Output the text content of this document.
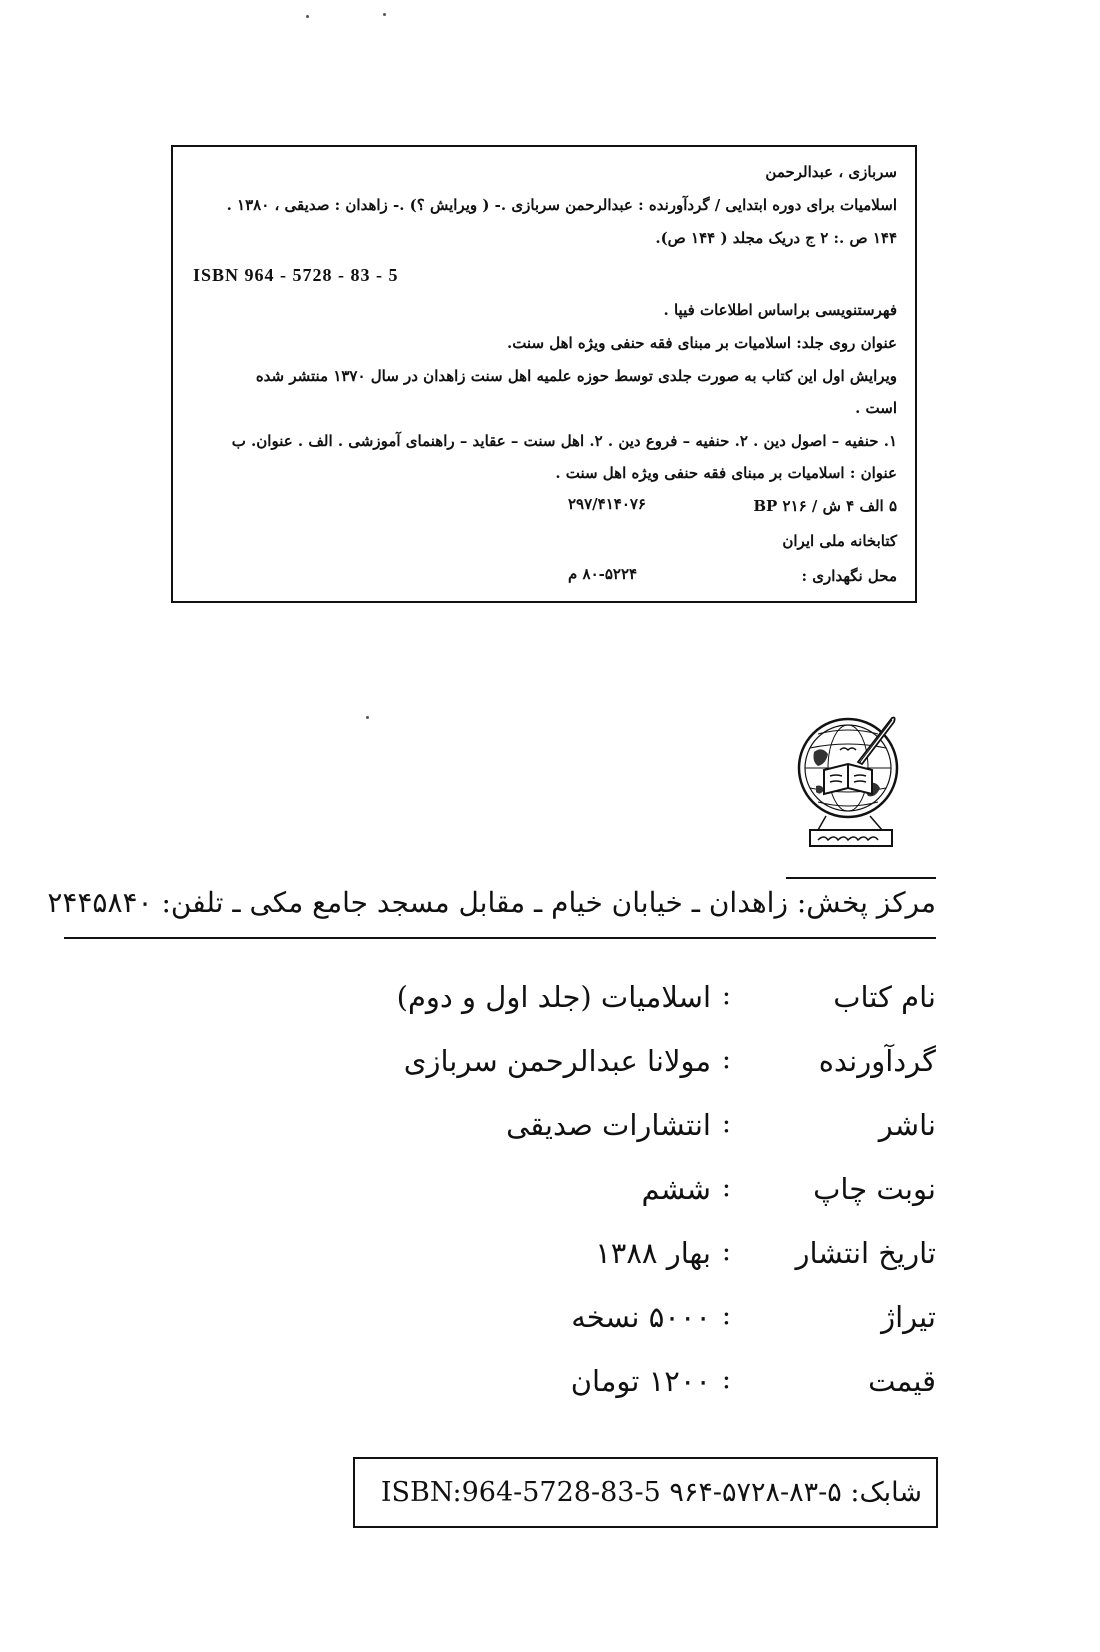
سربازی ، عبدالرحمن
اسلامیات برای دوره ابتدایی / گردآورنده : عبدالرحمن سربازی .- ( ویرایش ؟) .- زاهدان : صدیقی ، ۱۳۸۰ .
۱۴۴ ص .: ۲ ج دریک مجلد ( ۱۴۴ ص).
ISBN 964 - 5728 - 83 - 5
فهرستنویسی براساس اطلاعات فیپا .
عنوان روی جلد: اسلامیات بر مبنای فقه حنفی ویژه اهل سنت.
ویرایش اول این کتاب به صورت جلدی توسط حوزه علمیه اهل سنت زاهدان در سال ۱۳۷۰ منتشر شده
است .
۱. حنفیه – اصول دین . ۲. حنفیه – فروع دین . ۲. اهل سنت – عقاید – راهنمای آموزشی . الف . عنوان. ب
عنوان : اسلامیات بر مبنای فقه حنفی ویژه اهل سنت .
۵ الف ۴ ش / ۲۱۶ BP
۲۹۷/۴۱۴۰۷۶
کتابخانه ملی ایران
محل نگهداری :
۸۰-۵۲۲۴ م
مرکز پخش: زاهدان ـ خیابان خیام ـ مقابل مسجد جامع مکی ـ تلفن: ۲۴۴۵۸۴۰
نام کتاب
:
اسلامیات (جلد اول و دوم)
گردآورنده
:
مولانا عبدالرحمن سربازی
ناشر
:
انتشارات صدیقی
نوبت چاپ
:
ششم
تاریخ انتشار
:
بهار ۱۳۸۸
تیراژ
:
۵۰۰۰ نسخه
قیمت
:
۱۲۰۰ تومان
شابک: ۵-۸۳-۵۷۲۸-۹۶۴ ISBN:964-5728-83-5
